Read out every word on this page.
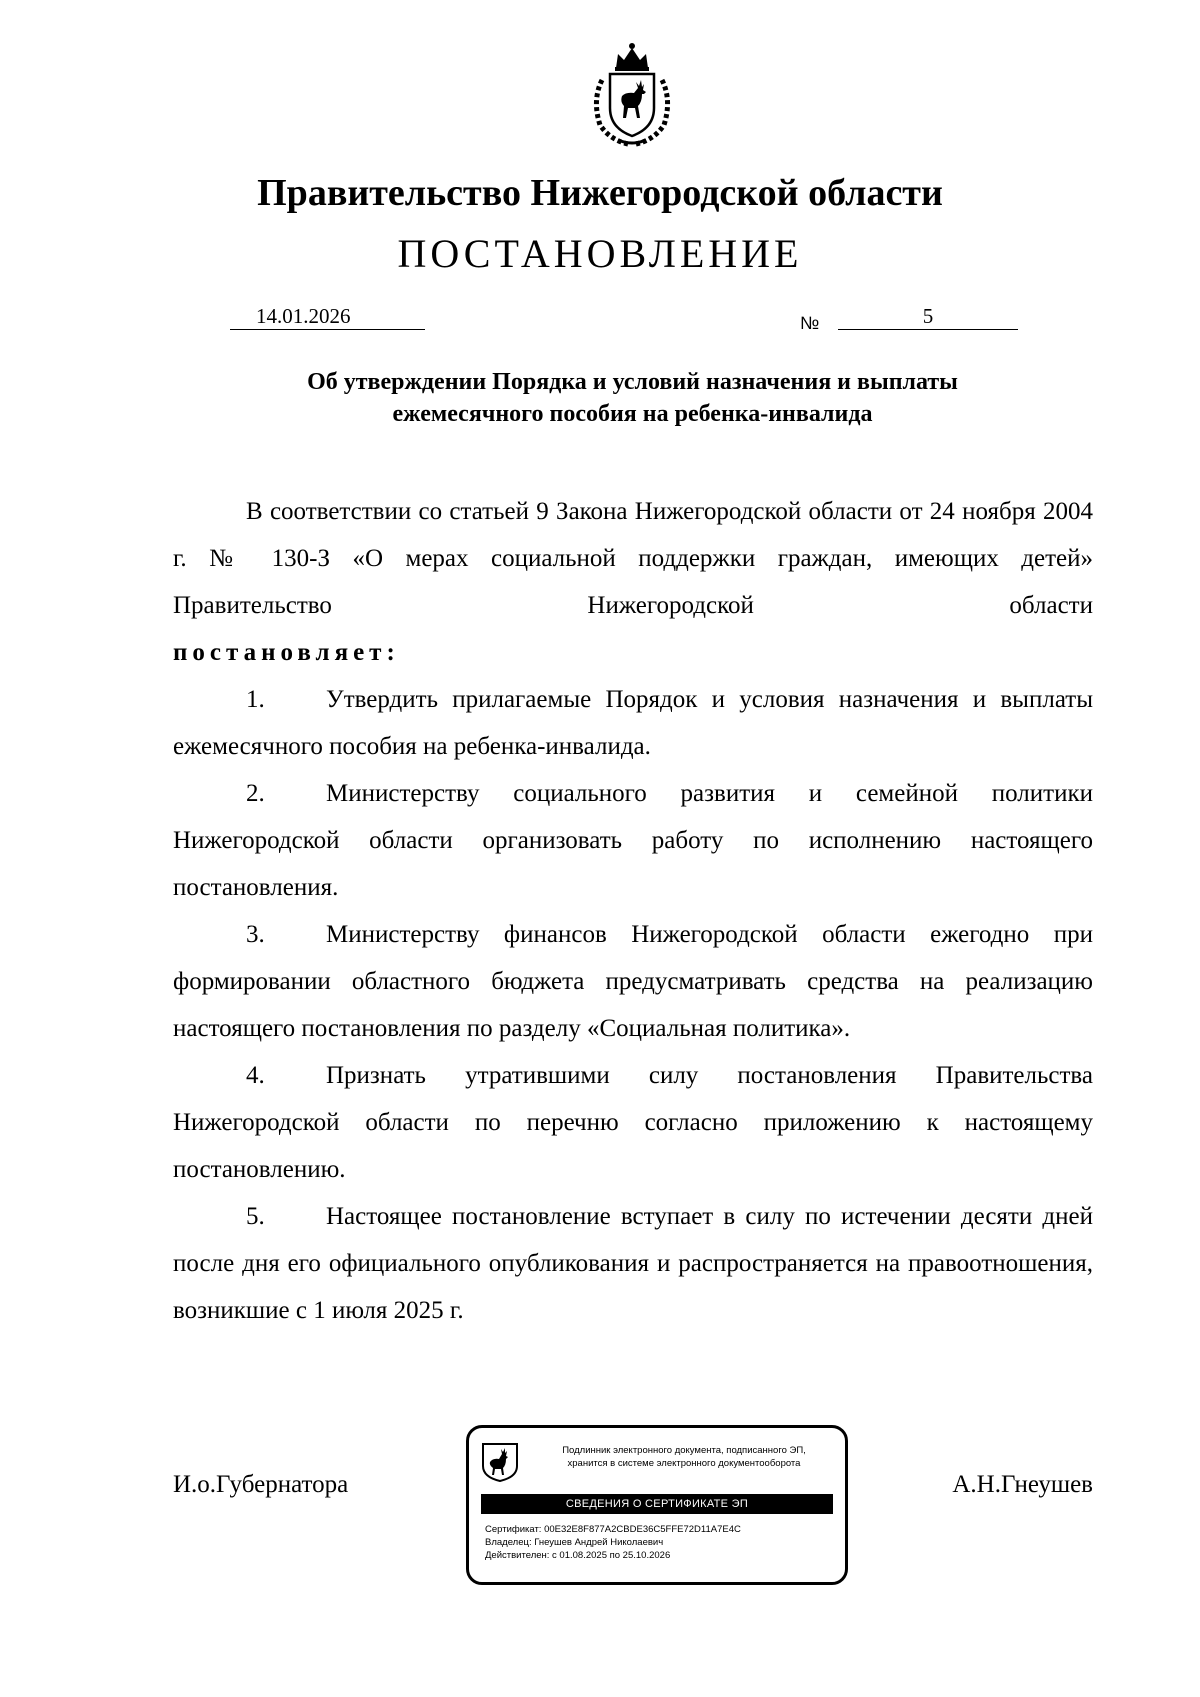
Правительство Нижегородской области
ПОСТАНОВЛЕНИЕ
14.01.2026	№	5
Об утверждении Порядка и условий назначения и выплаты
ежемесячного пособия на ребенка-инвалида

В соответствии со статьей 9 Закона Нижегородской области от 24 ноября 2004 г. № 130-З «О мерах социальной поддержки граждан, имеющих детей» Правительство Нижегородской области

постановляет:

1. Утвердить прилагаемые Порядок и условия назначения и выплаты ежемесячного пособия на ребенка-инвалида.

2. Министерству социального развития и семейной политики Нижегородской области организовать работу по исполнению настоящего постановления.

3. Министерству финансов Нижегородской области ежегодно при формировании областного бюджета предусматривать средства на реализацию настоящего постановления по разделу «Социальная политика».

4. Признать утратившими силу постановления Правительства Нижегородской области по перечню согласно приложению к настоящему постановлению.

5. Настоящее постановление вступает в силу по истечении десяти дней после дня его официального опубликования и распространяется на правоотношения, возникшие с 1 июля 2025 г.

И.о.Губернатора	А.Н.Гнеушев
Подлинник электронного документа, подписанного ЭП,
хранится в системе электронного документооборота
СВЕДЕНИЯ О СЕРТИФИКАТЕ ЭП
Сертификат: 00E32E8F877A2CBDE36C5FFE72D11A7E4C
Владелец: Гнеушев Андрей Николаевич
Действителен: с 01.08.2025 по 25.10.2026
